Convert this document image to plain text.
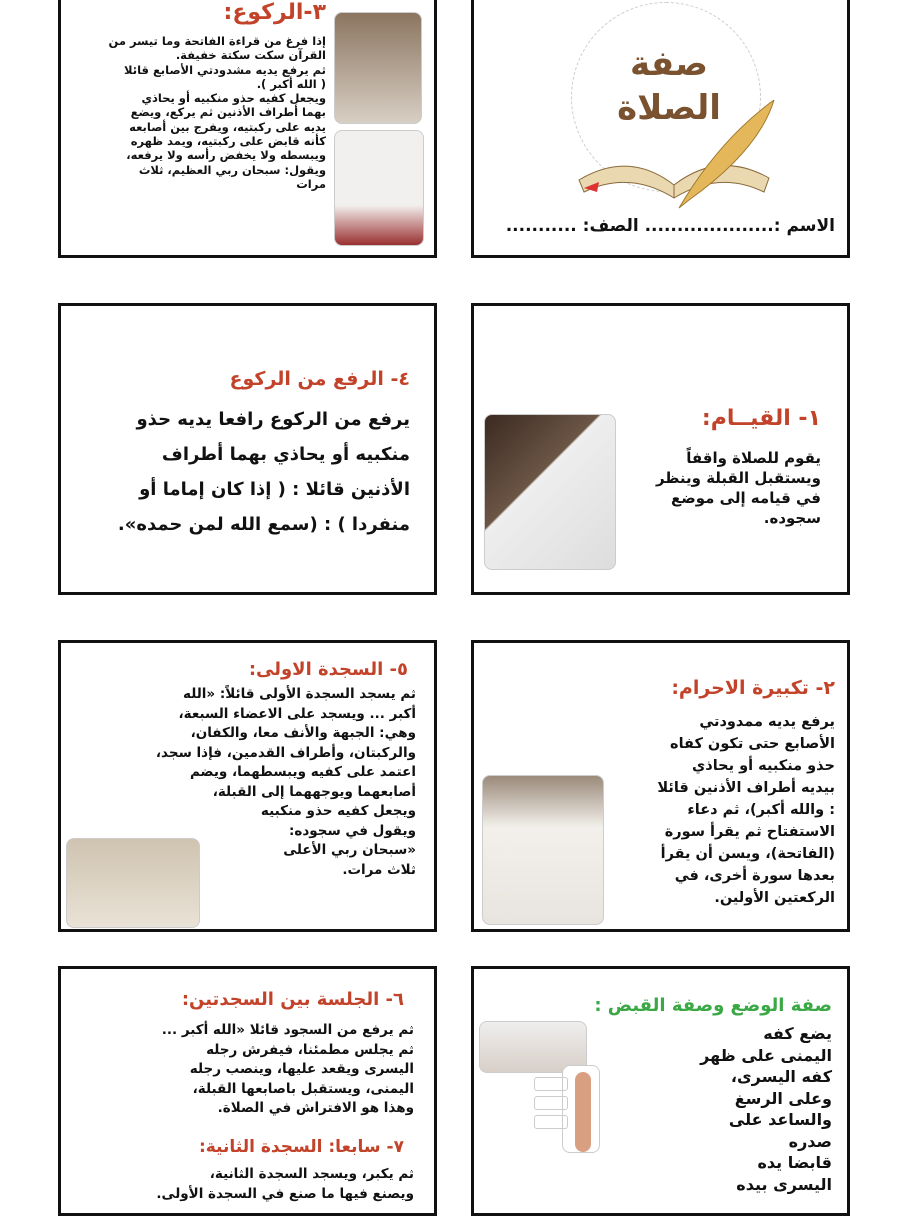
صفة
الصلاة
الاسم :.................... الصف: ...........
٣-الركوع:
إذا فرغ من قراءة الفاتحة وما تيسر من
القرآن سكت سكتة خفيفة.
ثم يرفع يديه مشدودتي الأصابع قائلا
( الله أكبر ).
ويجعل كفيه حذو منكبيه أو يحاذي
بهما أطراف الأذنين ثم يركع، ويضع
يديه على ركبتيه، ويفرج بين أصابعه
كأنه قابض على ركبتيه، ويمد ظهره
ويبسطه ولا يخفض رأسه ولا يرفعه،
ويقول: سبحان ربي العظيم، ثلاث
مرات
١- القيــام:
يقوم للصلاة واقفاً
ويستقبل القبلة وينظر
في قيامه إلى موضع
سجوده.
٤- الرفع من الركوع
يرفع من الركوع رافعا يديه حذو
منكبيه أو يحاذي بهما أطراف
الأذنين قائلا : ( إذا كان إماما أو
منفردا ) : (سمع الله لمن حمده».
٢- تكبيرة الاحرام:
يرفع يديه ممدودتي
الأصابع حتى تكون كفاه
حذو منكبيه أو يحاذي
بيديه أطراف الأذنين قائلا
: والله أكبر)، ثم دعاء
الاستفتاح ثم يقرأ سورة
(الفاتحة)، ويسن أن يقرأ
بعدها سورة أخرى، في
الركعتين الأولين.
٥- السجدة الاولى:
ثم يسجد السجدة الأولى قائلاً: «الله
أكبر ... ويسجد على الاعضاء السبعة،
وهي: الجبهة والأنف معا، والكفان،
والركبتان، وأطراف القدمين، فإذا سجد،
اعتمد على كفيه ويبسطهما، ويضم
أصابعهما ويوجههما إلى القبلة،
ويجعل كفيه حذو منكبيه
ويقول في سجوده:
«سبحان ربي الأعلى
ثلاث مرات.
صفة الوضع وصفة القبض :
يضع كفه
اليمنى على ظهر
كفه اليسرى،
وعلى الرسغ
والساعد على
صدره
قابضا يده
اليسرى بيده
٦- الجلسة بين السجدتين:
ثم يرفع من السجود قائلا «الله أكبر ...
ثم يجلس مطمئنا، فيفرش رجله
اليسرى ويقعد عليها، وينصب رجله
اليمنى، ويستقبل باصابعها القبلة،
وهذا هو الافتراش في الصلاة.
٧- سابعا: السجدة الثانية:
ثم يكبر، ويسجد السجدة الثانية،
ويصنع فيها ما صنع في السجدة الأولى.
